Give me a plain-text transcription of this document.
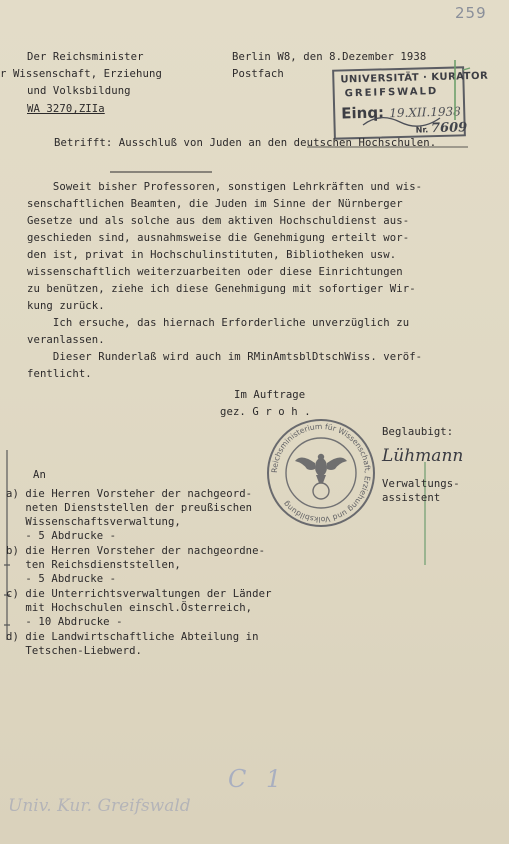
259
Der Reichsminister
r Wissenschaft, Erziehung
und Volksbildung
WA 3270,ZIIa
Berlin W8, den 8.Dezember 1938
Postfach	UNIVERSITÄT · KURATOR
GREIFSWALD
Einq: 19.XII.1938
Nr. 7609
Betrifft: Ausschluß von Juden an den deutschen Hochschulen.
Soweit bisher Professoren, sonstigen Lehrkräften und wis-
senschaftlichen Beamten, die Juden im Sinne der Nürnberger
Gesetze und als solche aus dem aktiven Hochschuldienst aus-
geschieden sind, ausnahmsweise die Genehmigung erteilt wor-
den ist, privat in Hochschulinstituten, Bibliotheken usw.
wissenschaftlich weiterzuarbeiten oder diese Einrichtungen
zu benützen, ziehe ich diese Genehmigung mit sofortiger Wir-
kung zurück.
Ich ersuche, das hiernach Erforderliche unverzüglich zu
veranlassen.
Dieser Runderlaß wird auch im RMinAmtsblDtschWiss. veröf-
fentlicht.
Im Auftrage
gez. G r o h .
Reichsministerium für Wissenschaft, Erziehung und Volksbildung
Beglaubigt:
Lühmann
Verwaltungs-
assistent
An
a) die Herren Vorsteher der nachgeord-
neten Dienststellen der preußischen
Wissenschaftsverwaltung,
- 5 Abdrucke -
b) die Herren Vorsteher der nachgeordne-
ten Reichsdienststellen,
- 5 Abdrucke -
c) die Unterrichtsverwaltungen der Länder
mit Hochschulen einschl.Österreich,
- 10 Abdrucke -
d) die Landwirtschaftliche Abteilung in
Tetschen-Liebwerd.
C 1
Univ. Kur. Greifswald
